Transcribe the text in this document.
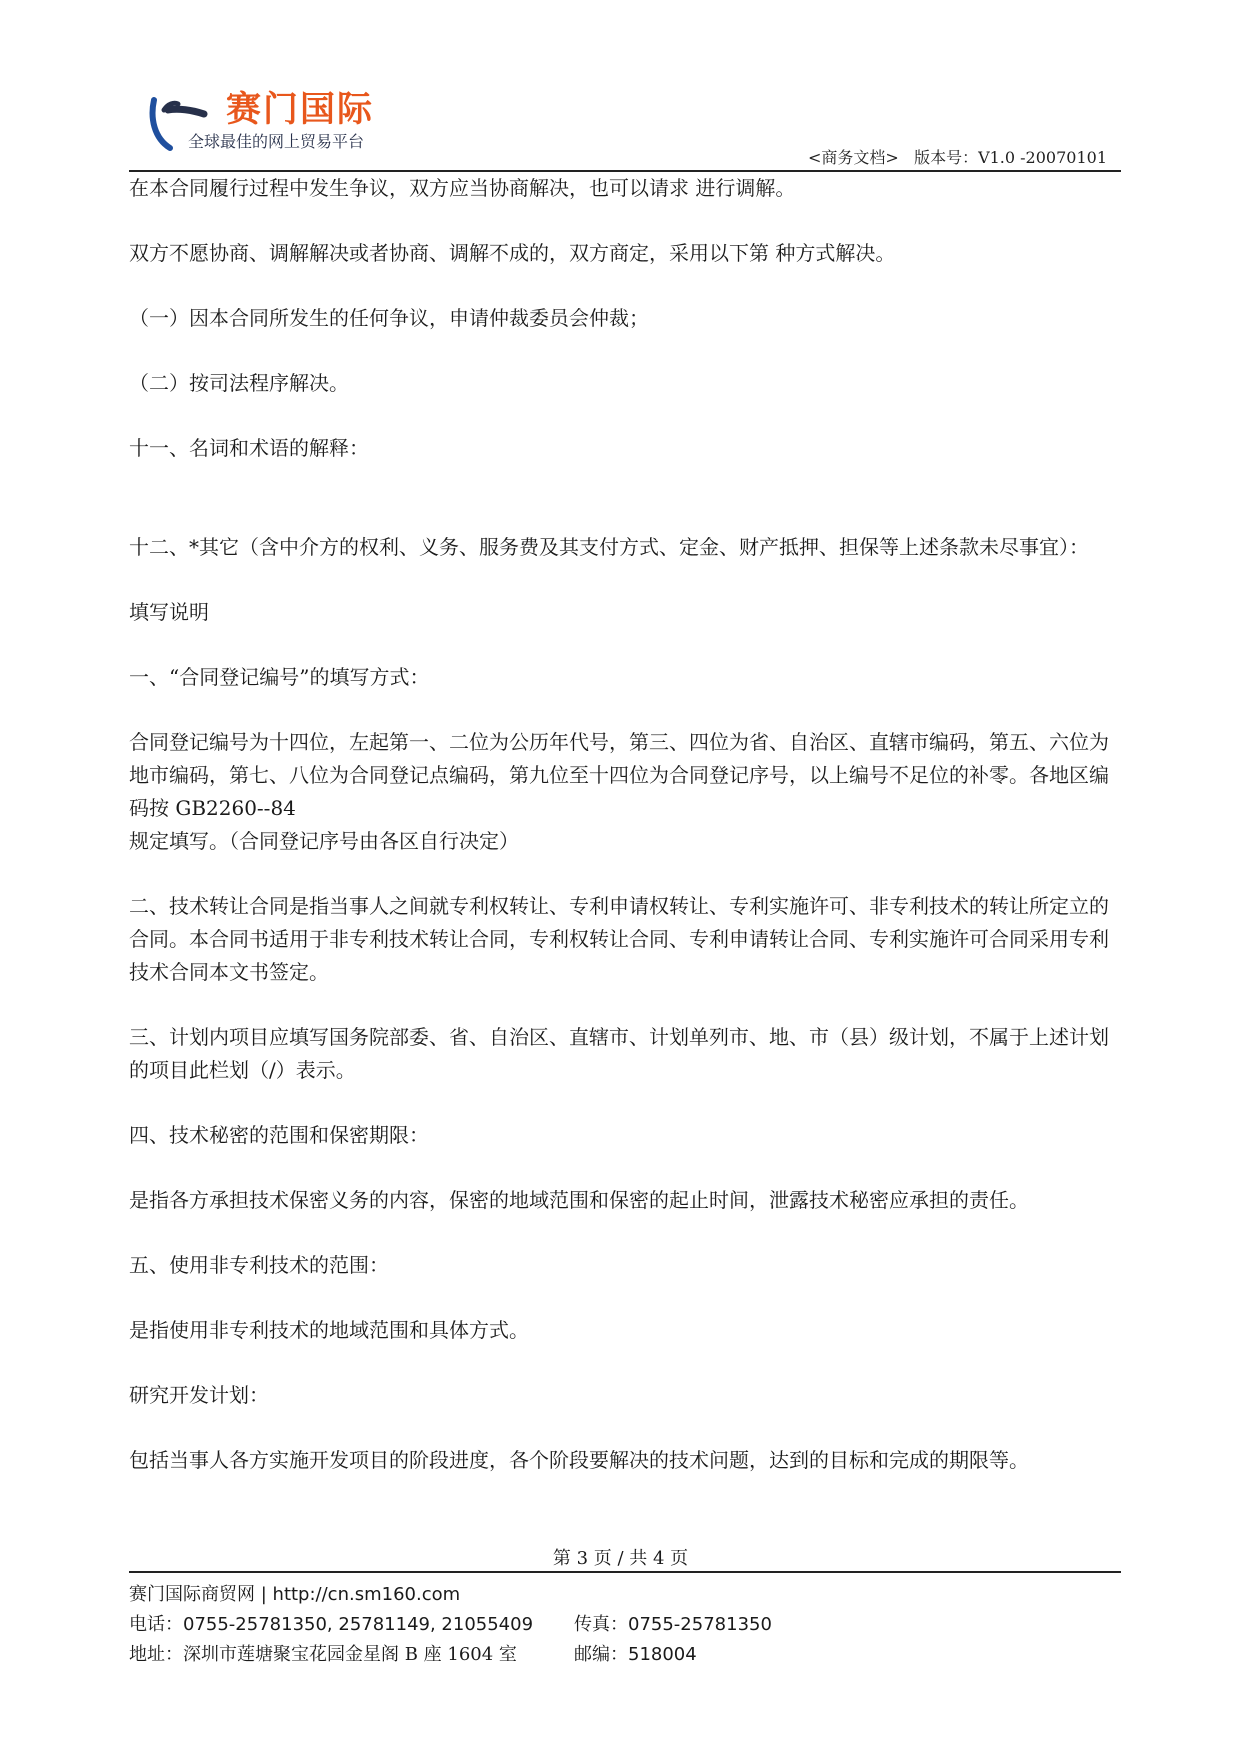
赛门国际
全球最佳的网上贸易平台
<商务文档> 版本号：V1.0 -20070101

在本合同履行过程中发生争议，双方应当协商解决，也可以请求 进行调解。

双方不愿协商、调解解决或者协商、调解不成的，双方商定，采用以下第 种方式解决。

（一）因本合同所发生的任何争议，申请仲裁委员会仲裁；

（二）按司法程序解决。

十一、名词和术语的解释：

十二、*其它（含中介方的权利、义务、服务费及其支付方式、定金、财产抵押、担保等上述条款未尽事宜）：

填写说明

一、“合同登记编号”的填写方式：

合同登记编号为十四位，左起第一、二位为公历年代号，第三、四位为省、自治区、直辖市编码，第五、六位为地市编码，第七、八位为合同登记点编码，第九位至十四位为合同登记序号，以上编号不足位的补零。各地区编码按 GB2260--84

规定填写。（合同登记序号由各区自行决定）

二、技术转让合同是指当事人之间就专利权转让、专利申请权转让、专利实施许可、非专利技术的转让所定立的合同。本合同书适用于非专利技术转让合同，专利权转让合同、专利申请转让合同、专利实施许可合同采用专利技术合同本文书签定。

三、计划内项目应填写国务院部委、省、自治区、直辖市、计划单列市、地、市（县）级计划，不属于上述计划的项目此栏划（/）表示。

四、技术秘密的范围和保密期限：

是指各方承担技术保密义务的内容，保密的地域范围和保密的起止时间，泄露技术秘密应承担的责任。

五、使用非专利技术的范围：

是指使用非专利技术的地域范围和具体方式。

研究开发计划：

包括当事人各方实施开发项目的阶段进度，各个阶段要解决的技术问题，达到的目标和完成的期限等。

第 3 页 / 共 4 页
赛门国际商贸网 | http://cn.sm160.com
电话：0755-25781350, 25781149, 21055409 传真：0755-25781350
地址：深圳市莲塘聚宝花园金星阁 B 座 1604 室	邮编：518004
